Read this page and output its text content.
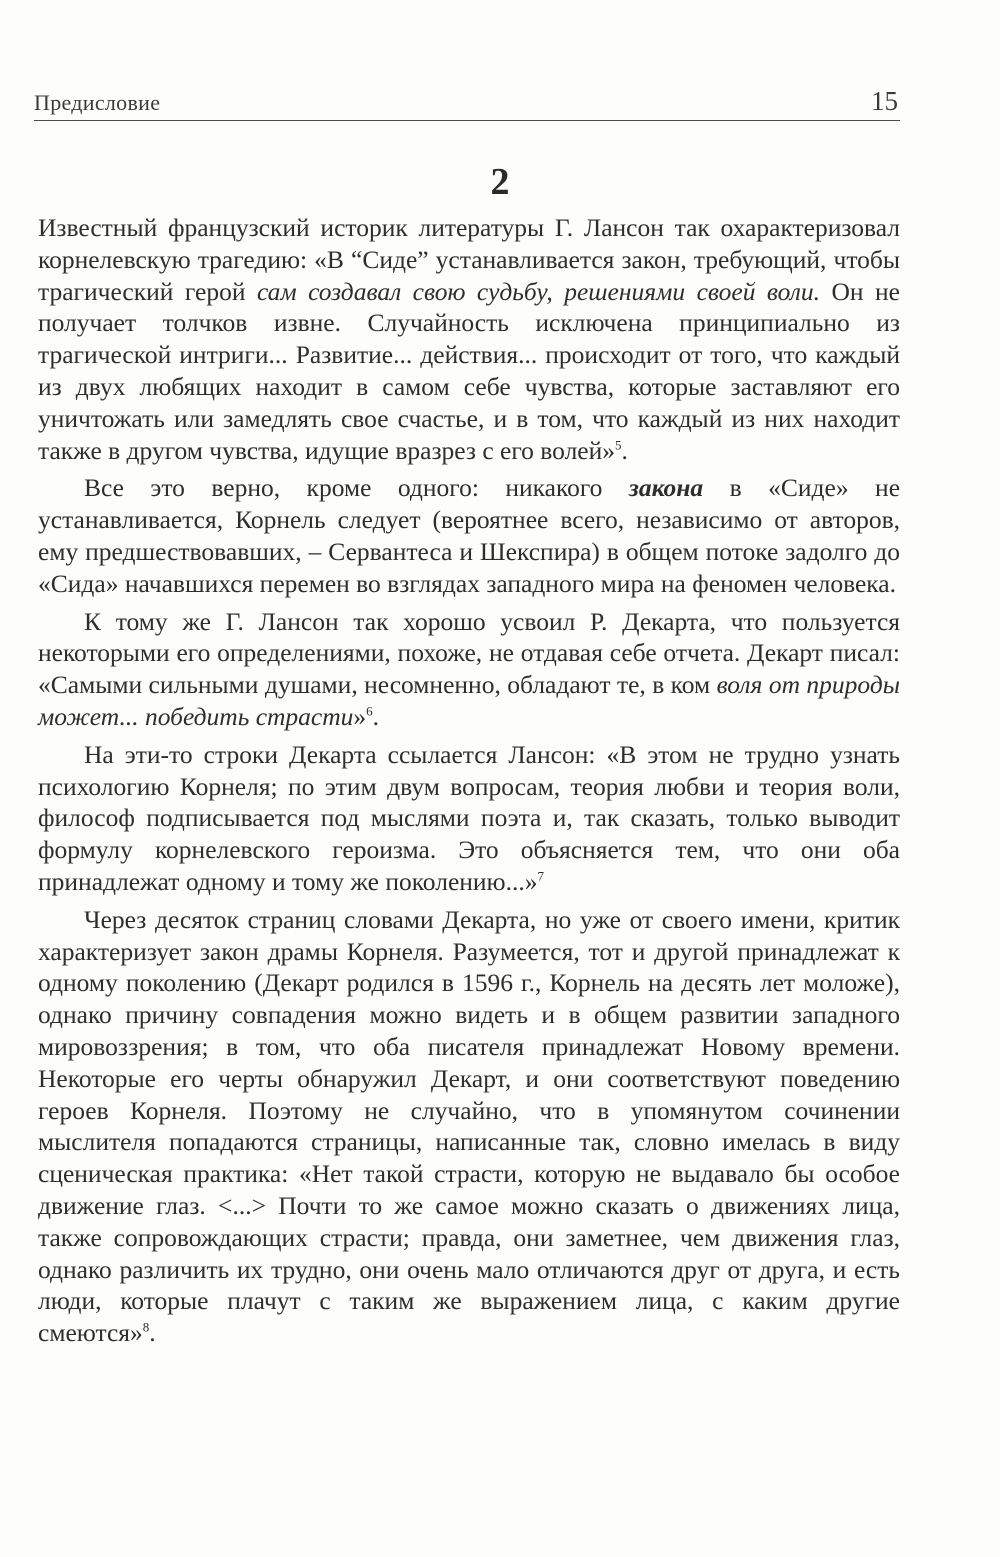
Предисловие	15
2

Известный французский историк литературы Г. Лансон так охарактеризовал корнелевскую трагедию: «В “Сиде” устанавливается закон, требующий, чтобы трагический герой сам создавал свою судьбу, решениями своей воли. Он не получает толчков извне. Случайность исключена принципиально из трагической интриги... Развитие... действия... происходит от того, что каждый из двух любящих находит в самом себе чувства, которые заставляют его уничтожать или замедлять свое счастье, и в том, что каждый из них находит также в другом чувства, идущие вразрез с его волей»$^5$.

Все это верно, кроме одного: никакого закона в «Сиде» не устанавливается, Корнель следует (вероятнее всего, независимо от авторов, ему предшествовавших, – Сервантеса и Шекспира) в общем потоке задолго до «Сида» начавшихся перемен во взглядах западного мира на феномен человека.

К тому же Г. Лансон так хорошо усвоил Р. Декарта, что пользуется некоторыми его определениями, похоже, не отдавая себе отчета. Декарт писал: «Самыми сильными душами, несомненно, обладают те, в ком воля от природы может... победить страсти»$^6$.

На эти-то строки Декарта ссылается Лансон: «В этом не трудно узнать психологию Корнеля; по этим двум вопросам, теория любви и теория воли, философ подписывается под мыслями поэта и, так сказать, только выводит формулу корнелевского героизма. Это объясняется тем, что они оба принадлежат одному и тому же поколению...»$^7$

Через десяток страниц словами Декарта, но уже от своего имени, критик характеризует закон драмы Корнеля. Разумеется, тот и другой принадлежат к одному поколению (Декарт родился в 1596 г., Корнель на десять лет моложе), однако причину совпадения можно видеть и в общем развитии западного мировоззрения; в том, что оба писателя принадлежат Новому времени. Некоторые его черты обнаружил Декарт, и они соответствуют поведению героев Корнеля. Поэтому не случайно, что в упомянутом сочинении мыслителя попадаются страницы, написанные так, словно имелась в виду сценическая практика: «Нет такой страсти, которую не выдавало бы особое движение глаз. <...> Почти то же самое можно сказать о движениях лица, также сопровождающих страсти; правда, они заметнее, чем движения глаз, однако различить их трудно, они очень мало отличаются друг от друга, и есть люди, которые плачут с таким же выражением лица, с каким другие смеются»$^8$.
